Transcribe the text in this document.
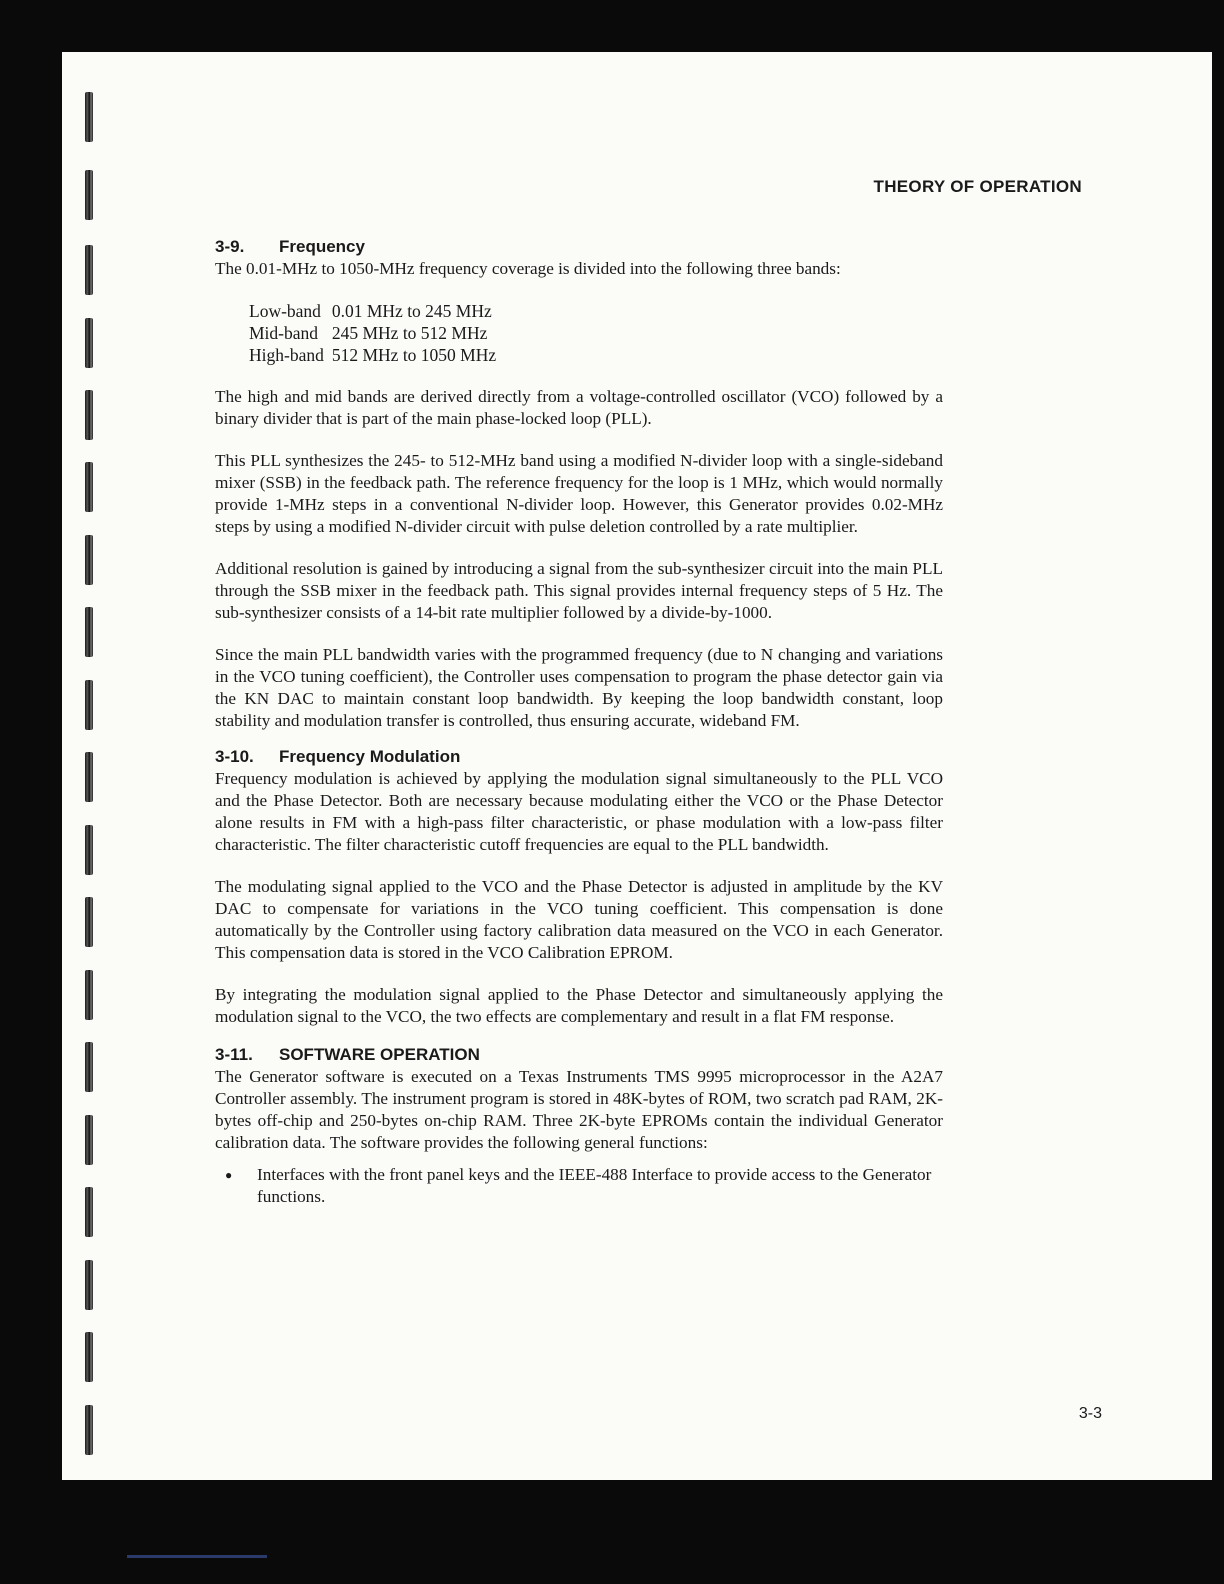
THEORY OF OPERATION
3-9. Frequency

The 0.01-MHz to 1050-MHz frequency coverage is divided into the following three bands:

Low-band	0.01 MHz to 245 MHz
Mid-band	245 MHz to 512 MHz
High-band	512 MHz to 1050 MHz

The high and mid bands are derived directly from a voltage-controlled oscillator (VCO) followed by a binary divider that is part of the main phase-locked loop (PLL).

This PLL synthesizes the 245- to 512-MHz band using a modified N-divider loop with a single-sideband mixer (SSB) in the feedback path. The reference frequency for the loop is 1 MHz, which would normally provide 1-MHz steps in a conventional N-divider loop. However, this Generator provides 0.02-MHz steps by using a modified N-divider circuit with pulse deletion controlled by a rate multiplier.

Additional resolution is gained by introducing a signal from the sub-synthesizer circuit into the main PLL through the SSB mixer in the feedback path. This signal provides internal frequency steps of 5 Hz. The sub-synthesizer consists of a 14-bit rate multiplier followed by a divide-by-1000.

Since the main PLL bandwidth varies with the programmed frequency (due to N changing and variations in the VCO tuning coefficient), the Controller uses compensation to program the phase detector gain via the KN DAC to maintain constant loop bandwidth. By keeping the loop bandwidth constant, loop stability and modulation transfer is controlled, thus ensuring accurate, wideband FM.

3-10. Frequency Modulation

Frequency modulation is achieved by applying the modulation signal simultaneously to the PLL VCO and the Phase Detector. Both are necessary because modulating either the VCO or the Phase Detector alone results in FM with a high-pass filter characteristic, or phase modulation with a low-pass filter characteristic. The filter characteristic cutoff frequencies are equal to the PLL bandwidth.

The modulating signal applied to the VCO and the Phase Detector is adjusted in amplitude by the KV DAC to compensate for variations in the VCO tuning coefficient. This compensation is done automatically by the Controller using factory calibration data measured on the VCO in each Generator. This compensation data is stored in the VCO Calibration EPROM.

By integrating the modulation signal applied to the Phase Detector and simultaneously applying the modulation signal to the VCO, the two effects are complementary and result in a flat FM response.

3-11. SOFTWARE OPERATION

The Generator software is executed on a Texas Instruments TMS 9995 microprocessor in the A2A7 Controller assembly. The instrument program is stored in 48K-bytes of ROM, two scratch pad RAM, 2K-bytes off-chip and 250-bytes on-chip RAM. Three 2K-byte EPROMs contain the individual Generator calibration data. The software provides the following general functions:

● Interfaces with the front panel keys and the IEEE-488 Interface to provide access to the Generator functions.
3-3
